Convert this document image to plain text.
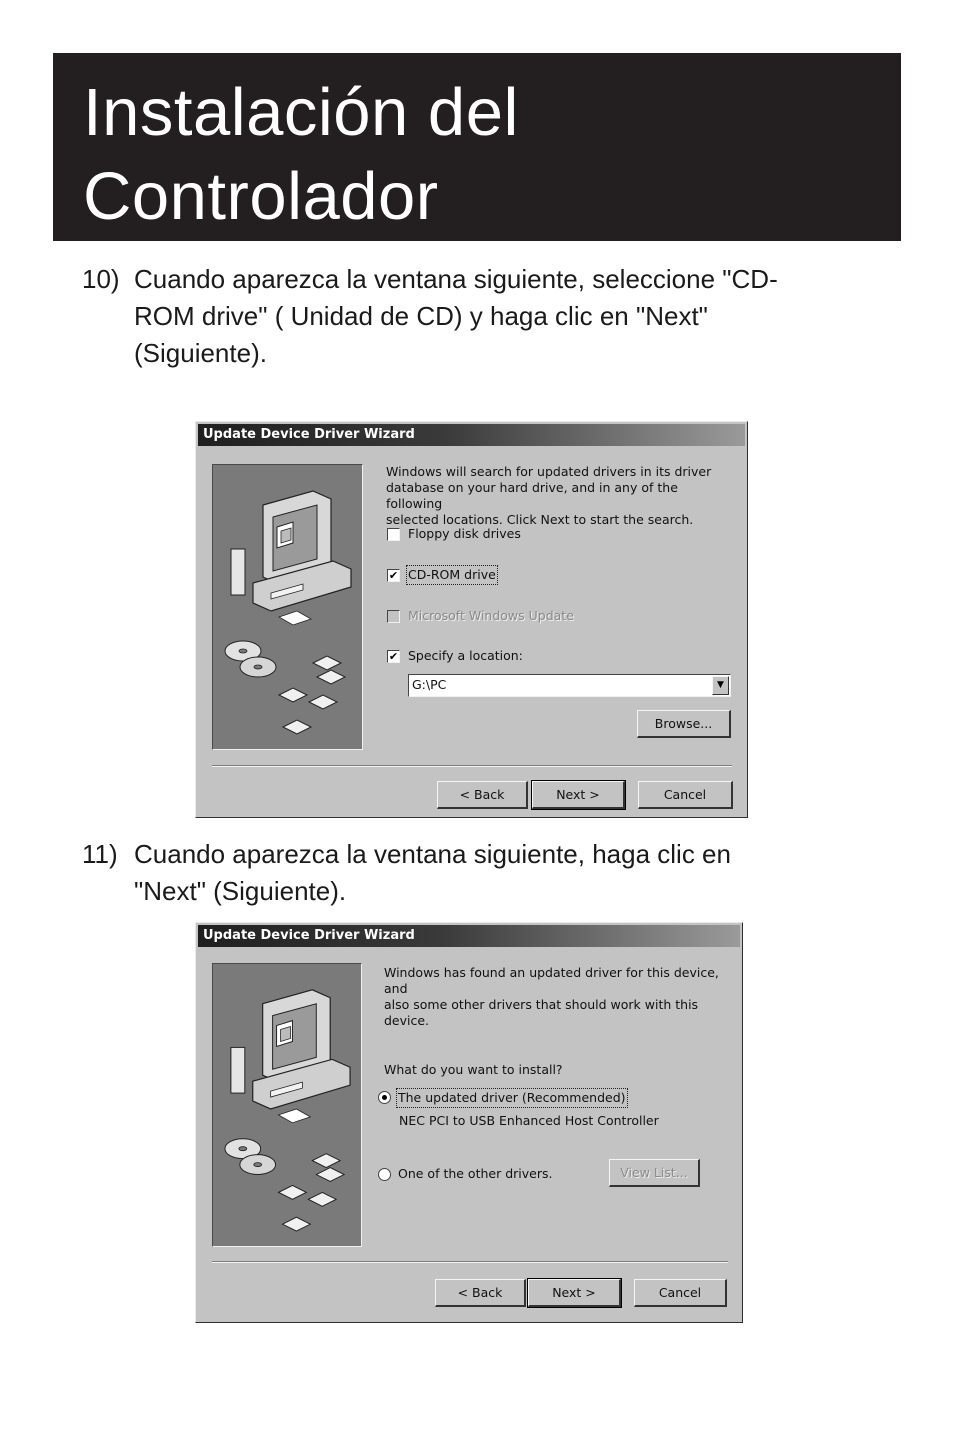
Instalación del
Controlador
10) Cuando aparezca la ventana siguiente, seleccione "CD-
ROM drive" ( Unidad de CD) y haga clic en "Next"
(Siguiente).
Update Device Driver Wizard
Windows will search for updated drivers in its driver
database on your hard drive, and in any of the following
selected locations. Click Next to start the search.
Floppy disk drives
✔ CD-ROM drive
Microsoft Windows Update
✔ Specify a location:
G:\PC	▼
Browse...
< Back	Next >	Cancel
11) Cuando aparezca la ventana siguiente, haga clic en
"Next" (Siguiente).
Update Device Driver Wizard
Windows has found an updated driver for this device, and
also some other drivers that should work with this device.
What do you want to install?
The updated driver (Recommended)
NEC PCI to USB Enhanced Host Controller
One of the other drivers.	View List...
< Back	Next >	Cancel
